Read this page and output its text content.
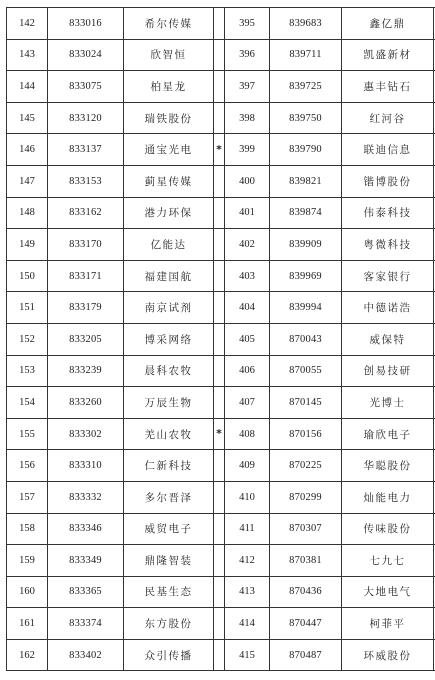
142	833016	希尔传媒		395	839683	鑫亿鼎	
143	833024	欣智恒		396	839711	凯盛新材	
144	833075	柏星龙		397	839725	惠丰钻石	
145	833120	瑞铁股份		398	839750	红河谷	
146	833137	通宝光电	*	399	839790	联迪信息	
147	833153	蓟星传媒		400	839821	锴博股份	
148	833162	港力环保		401	839874	伟泰科技	
149	833170	亿能达		402	839909	粤微科技	
150	833171	福建国航		403	839969	客家银行	
151	833179	南京试剂		404	839994	中德诺浩	
152	833205	博采网络		405	870043	威保特	
153	833239	晨科农牧		406	870055	创易技研	
154	833260	万辰生物		407	870145	光博士	
155	833302	羌山农牧	*	408	870156	瑜欣电子	
156	833310	仁新科技		409	870225	华聪股份	
157	833332	多尔晋泽		410	870299	灿能电力	
158	833346	威贸电子		411	870307	传味股份	
159	833349	鼎隆智装		412	870381	七九七	
160	833365	民基生态		413	870436	大地电气	
161	833374	东方股份		414	870447	柯菲平	
162	833402	众引传播		415	870487	环威股份	
